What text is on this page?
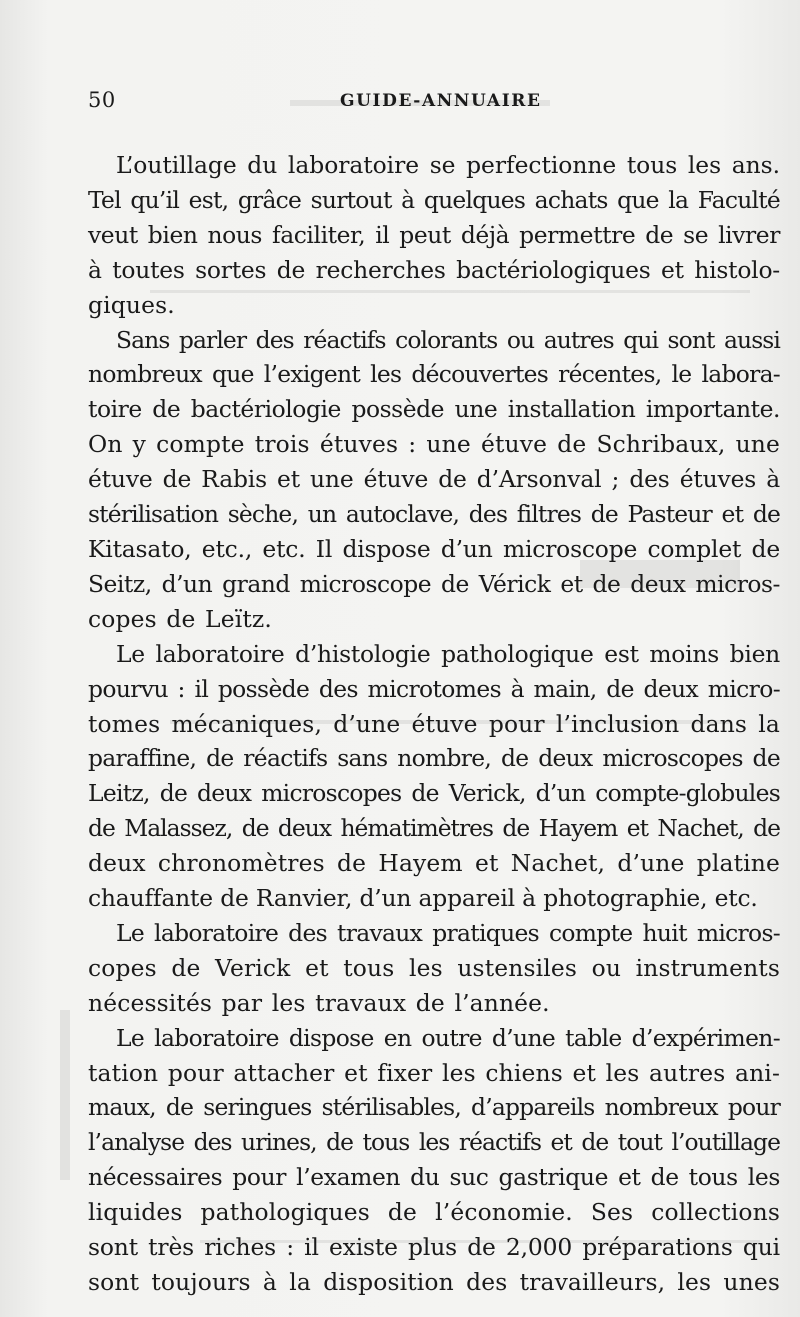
50	GUIDE-ANNUAIRE

L’outillage du laboratoire se perfectionne tous les ans.
Tel qu’il est, grâce surtout à quelques achats que la Faculté
veut bien nous faciliter, il peut déjà permettre de se livrer
à toutes sortes de recherches bactériologiques et histolo-
giques.

Sans parler des réactifs colorants ou autres qui sont aussi
nombreux que l’exigent les découvertes récentes, le labora-
toire de bactériologie possède une installation importante.
On y compte trois étuves : une étuve de Schribaux, une
étuve de Rabis et une étuve de d’Arsonval ; des étuves à
stérilisation sèche, un autoclave, des filtres de Pasteur et de
Kitasato, etc., etc. Il dispose d’un microscope complet de
Seitz, d’un grand microscope de Vérick et de deux micros-
copes de Leïtz.

Le laboratoire d’histologie pathologique est moins bien
pourvu : il possède des microtomes à main, de deux micro-
tomes mécaniques, d’une étuve pour l’inclusion dans la
paraffine, de réactifs sans nombre, de deux microscopes de
Leitz, de deux microscopes de Verick, d’un compte-globules
de Malassez, de deux hématimètres de Hayem et Nachet, de
deux chronomètres de Hayem et Nachet, d’une platine
chauffante de Ranvier, d’un appareil à photographie, etc.

Le laboratoire des travaux pratiques compte huit micros-
copes de Verick et tous les ustensiles ou instruments
nécessités par les travaux de l’année.

Le laboratoire dispose en outre d’une table d’expérimen-
tation pour attacher et fixer les chiens et les autres ani-
maux, de seringues stérilisables, d’appareils nombreux pour
l’analyse des urines, de tous les réactifs et de tout l’outillage
nécessaires pour l’examen du suc gastrique et de tous les
liquides pathologiques de l’économie. Ses collections
sont très riches : il existe plus de 2,000 préparations qui
sont toujours à la disposition des travailleurs, les unes
